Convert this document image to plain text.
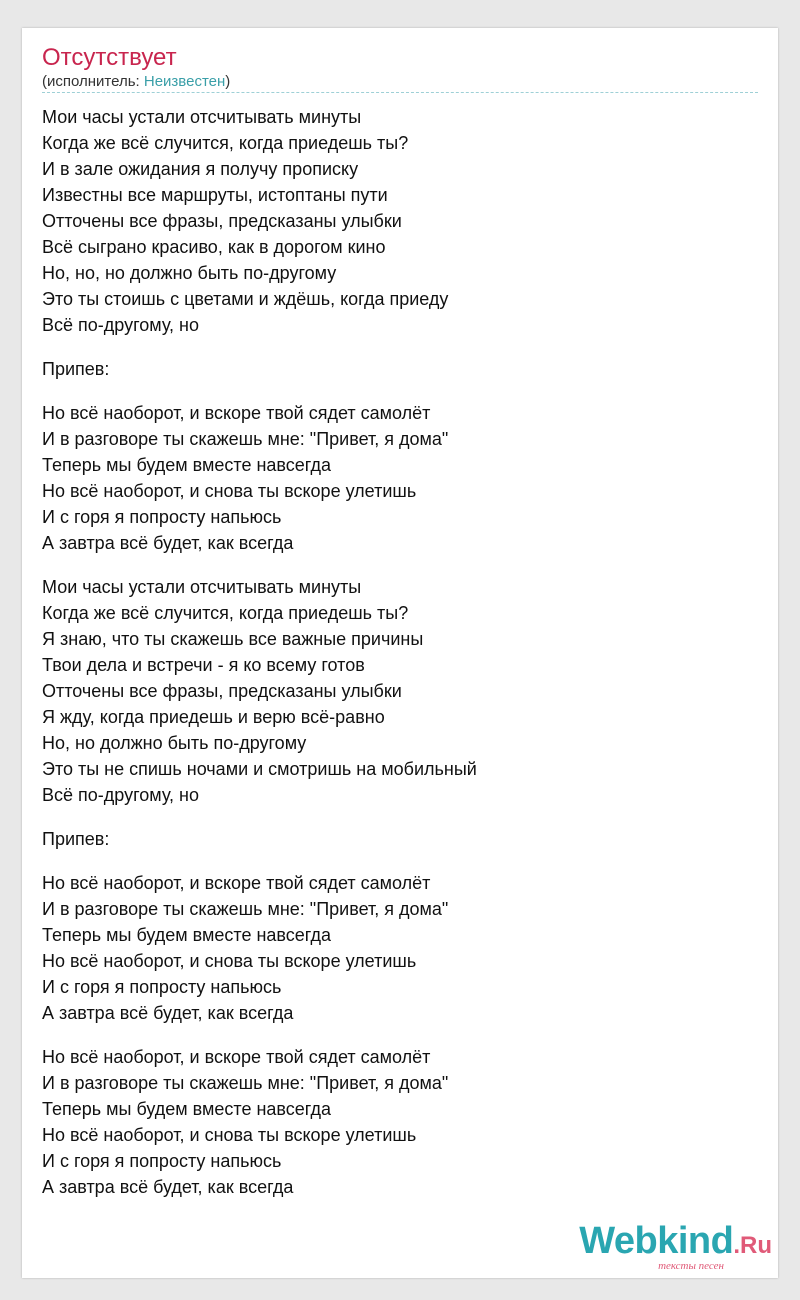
Отсутствует
(исполнитель: Неизвестен)
Мои часы устали отсчитывать минуты
Когда же всё случится, когда приедешь ты?
И в зале ожидания я получу прописку
Известны все маршруты, истоптаны пути
Отточены все фразы, предсказаны улыбки
Всё сыграно красиво, как в дорогом кино
Но, но, но должно быть по-другому
Это ты стоишь с цветами и ждёшь, когда приеду
Всё по-другому, но
Припев:
Но всё наоборот, и вскоре твой сядет самолёт
И в разговоре ты скажешь мне: "Привет, я дома"
Теперь мы будем вместе навсегда
Но всё наоборот, и снова ты вскоре улетишь
И с горя я попросту напьюсь
А завтра всё будет, как всегда
Мои часы устали отсчитывать минуты
Когда же всё случится, когда приедешь ты?
Я знаю, что ты скажешь все важные причины
Твои дела и встречи - я ко всему готов
Отточены все фразы, предсказаны улыбки
Я жду, когда приедешь и верю всё-равно
Но, но должно быть по-другому
Это ты не спишь ночами и смотришь на мобильный
Всё по-другому, но
Припев:
Но всё наоборот, и вскоре твой сядет самолёт
И в разговоре ты скажешь мне: "Привет, я дома"
Теперь мы будем вместе навсегда
Но всё наоборот, и снова ты вскоре улетишь
И с горя я попросту напьюсь
А завтра всё будет, как всегда
Но всё наоборот, и вскоре твой сядет самолёт
И в разговоре ты скажешь мне: "Привет, я дома"
Теперь мы будем вместе навсегда
Но всё наоборот, и снова ты вскоре улетишь
И с горя я попросту напьюсь
А завтра всё будет, как всегда
Webkind.Ru
тексты песен
